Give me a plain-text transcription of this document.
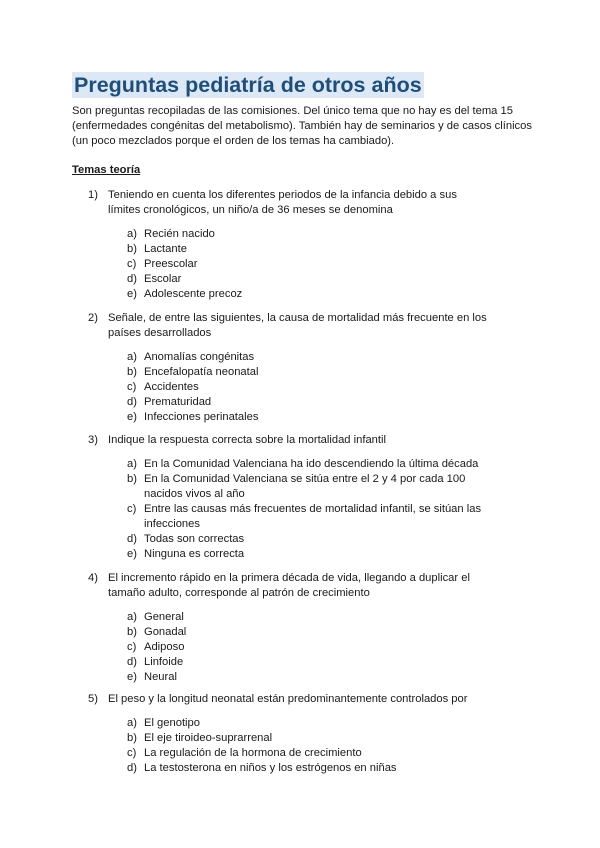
Preguntas pediatría de otros años

Son preguntas recopiladas de las comisiones. Del único tema que no hay es del tema 15 (enfermedades congénitas del metabolismo). También hay de seminarios y de casos clínicos (un poco mezclados porque el orden de los temas ha cambiado).

Temas teoría

1) Teniendo en cuenta los diferentes periodos de la infancia debido a sus límites cronológicos, un niño/a de 36 meses se denomina
a) Recién nacido
b) Lactante
c) Preescolar
d) Escolar
e) Adolescente precoz
2) Señale, de entre las siguientes, la causa de mortalidad más frecuente en los países desarrollados
a) Anomalías congénitas
b) Encefalopatía neonatal
c) Accidentes
d) Prematuridad
e) Infecciones perinatales
3) Indique la respuesta correcta sobre la mortalidad infantil
a) En la Comunidad Valenciana ha ido descendiendo la última década
b) En la Comunidad Valenciana se sitúa entre el 2 y 4 por cada 100 nacidos vivos al año
c) Entre las causas más frecuentes de mortalidad infantil, se sitúan las infecciones
d) Todas son correctas
e) Ninguna es correcta
4) El incremento rápido en la primera década de vida, llegando a duplicar el tamaño adulto, corresponde al patrón de crecimiento
a) General
b) Gonadal
c) Adiposo
d) Linfoide
e) Neural
5) El peso y la longitud neonatal están predominantemente controlados por
a) El genotipo
b) El eje tiroideo-suprarrenal
c) La regulación de la hormona de crecimiento
d) La testosterona en niños y los estrógenos en niñas
